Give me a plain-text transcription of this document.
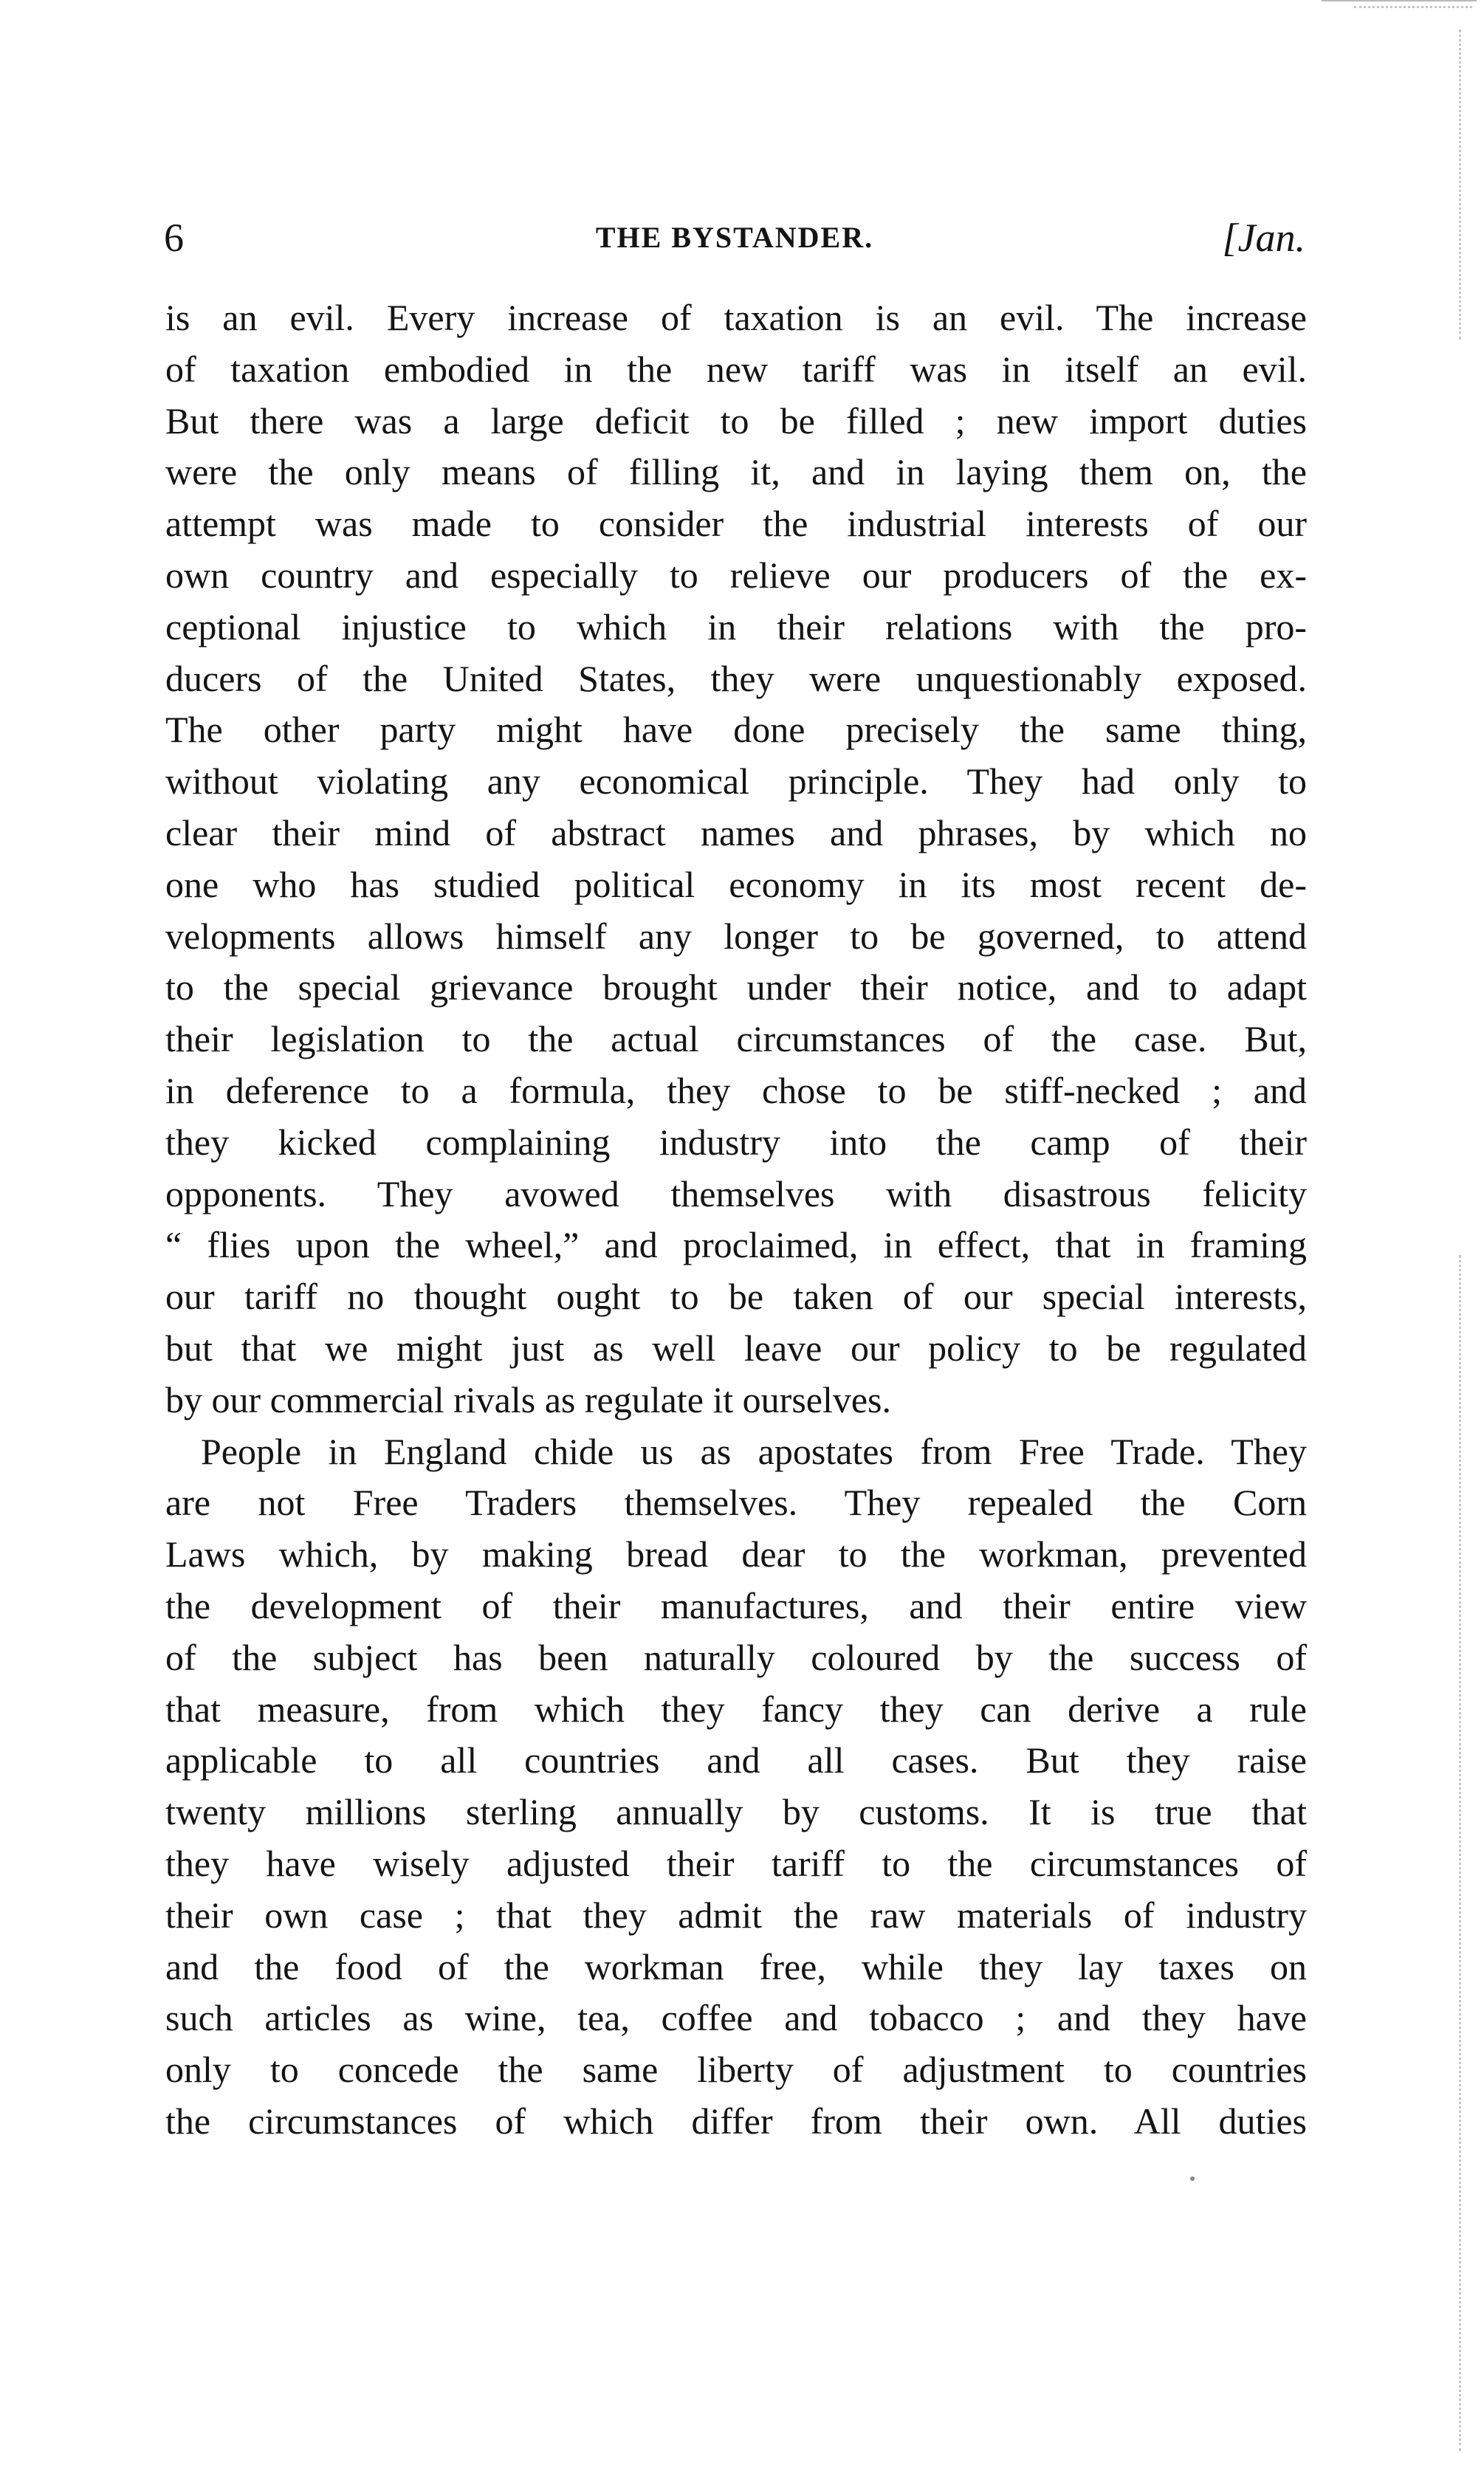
6	THE BYSTANDER.	[Jan.
is an evil. Every increase of taxation is an evil. The increase
of taxation embodied in the new tariff was in itself an evil.
But there was a large deficit to be filled ; new import duties
were the only means of filling it, and in laying them on, the
attempt was made to consider the industrial interests of our
own country and especially to relieve our producers of the ex-
ceptional injustice to which in their relations with the pro-
ducers of the United States, they were unquestionably exposed.
The other party might have done precisely the same thing,
without violating any economical principle. They had only to
clear their mind of abstract names and phrases, by which no
one who has studied political economy in its most recent de-
velopments allows himself any longer to be governed, to attend
to the special grievance brought under their notice, and to adapt
their legislation to the actual circumstances of the case. But,
in deference to a formula, they chose to be stiff-necked ; and
they kicked complaining industry into the camp of their
opponents. They avowed themselves with disastrous felicity
“ flies upon the wheel,” and proclaimed, in effect, that in framing
our tariff no thought ought to be taken of our special interests,
but that we might just as well leave our policy to be regulated
by our commercial rivals as regulate it ourselves.
People in England chide us as apostates from Free Trade. They
are not Free Traders themselves. They repealed the Corn
Laws which, by making bread dear to the workman, prevented
the development of their manufactures, and their entire view
of the subject has been naturally coloured by the success of
that measure, from which they fancy they can derive a rule
applicable to all countries and all cases. But they raise
twenty millions sterling annually by customs. It is true that
they have wisely adjusted their tariff to the circumstances of
their own case ; that they admit the raw materials of industry
and the food of the workman free, while they lay taxes on
such articles as wine, tea, coffee and tobacco ; and they have
only to concede the same liberty of adjustment to countries
the circumstances of which differ from their own. All duties
